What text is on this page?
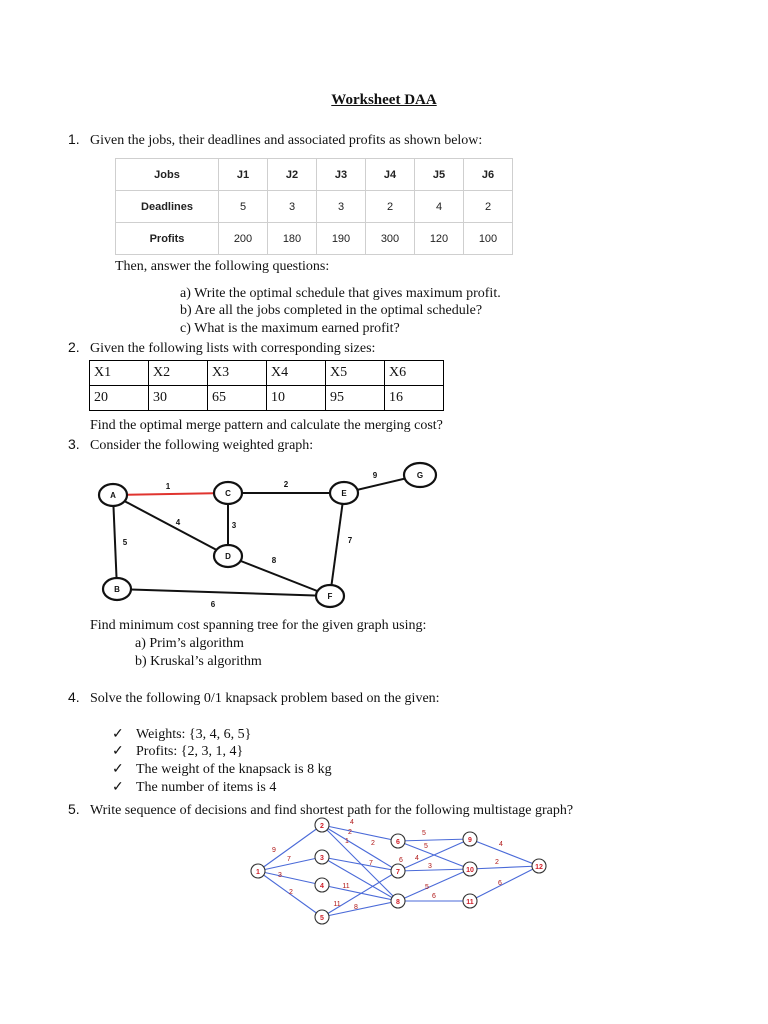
Worksheet DAA
1. Given the jobs, their deadlines and associated profits as shown below:
Jobs	J1	J2	J3	J4	J5	J6
Deadlines	5	3	3	2	4	2
Profits	200	180	190	300	120	100
Then, answer the following questions:
a) Write the optimal schedule that gives maximum profit.
b) Are all the jobs completed in the optimal schedule?
c) What is the maximum earned profit?
2. Given the following lists with corresponding sizes:
X1	X2	X3	X4	X5	X6
20	30	65	10	95	16
Find the optimal merge pattern and calculate the merging cost?
3. Consider the following weighted graph:
A
B
C
D
E
F
G
1	2
9
4	3
5	7
8
6
1
2
3
4
5
6
7
8
9
10
11
12
9
7
3
2
4
2
1	2
11
11 8
7	6
5
4
3
5
6
4
2
6
5
Find minimum cost spanning tree for the given graph using:
a) Prim’s algorithm
b) Kruskal’s algorithm
4. Solve the following 0/1 knapsack problem based on the given:
✓ Weights: {3, 4, 6, 5}
✓ Profits: {2, 3, 1, 4}
✓ The weight of the knapsack is 8 kg
✓ The number of items is 4
5. Write sequence of decisions and find shortest path for the following multistage graph?
